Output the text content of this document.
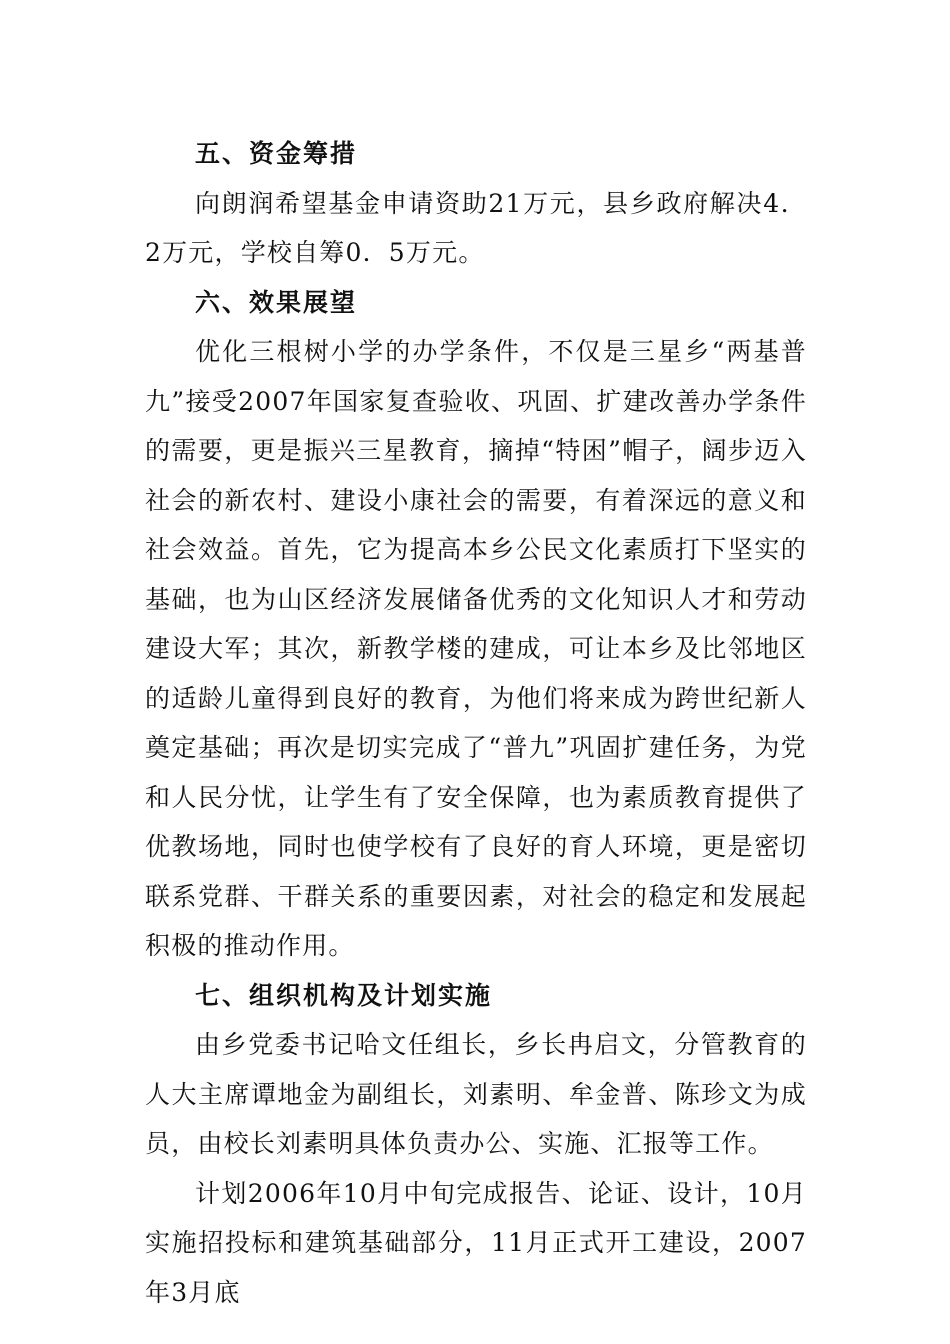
五、资金筹措

向朗润希望基金申请资助21万元，县乡政府解决4．2万元，学校自筹0．5万元。

六、效果展望

优化三根树小学的办学条件，不仅是三星乡“两基普九”接受2007年国家复查验收、巩固、扩建改善办学条件的需要，更是振兴三星教育，摘掉“特困”帽子，阔步迈入社会的新农村、建设小康社会的需要，有着深远的意义和社会效益。首先，它为提高本乡公民文化素质打下坚实的基础，也为山区经济发展储备优秀的文化知识人才和劳动建设大军；其次，新教学楼的建成，可让本乡及比邻地区的适龄儿童得到良好的教育，为他们将来成为跨世纪新人奠定基础；再次是切实完成了“普九”巩固扩建任务，为党和人民分忧，让学生有了安全保障，也为素质教育提供了优教场地，同时也使学校有了良好的育人环境，更是密切联系党群、干群关系的重要因素，对社会的稳定和发展起积极的推动作用。

七、组织机构及计划实施

由乡党委书记哈文任组长，乡长冉启文，分管教育的人大主席谭地金为副组长，刘素明、牟金普、陈珍文为成员，由校长刘素明具体负责办公、实施、汇报等工作。

计划2006年10月中旬完成报告、论证、设计，10月实施招投标和建筑基础部分，11月正式开工建设，2007年3月底
